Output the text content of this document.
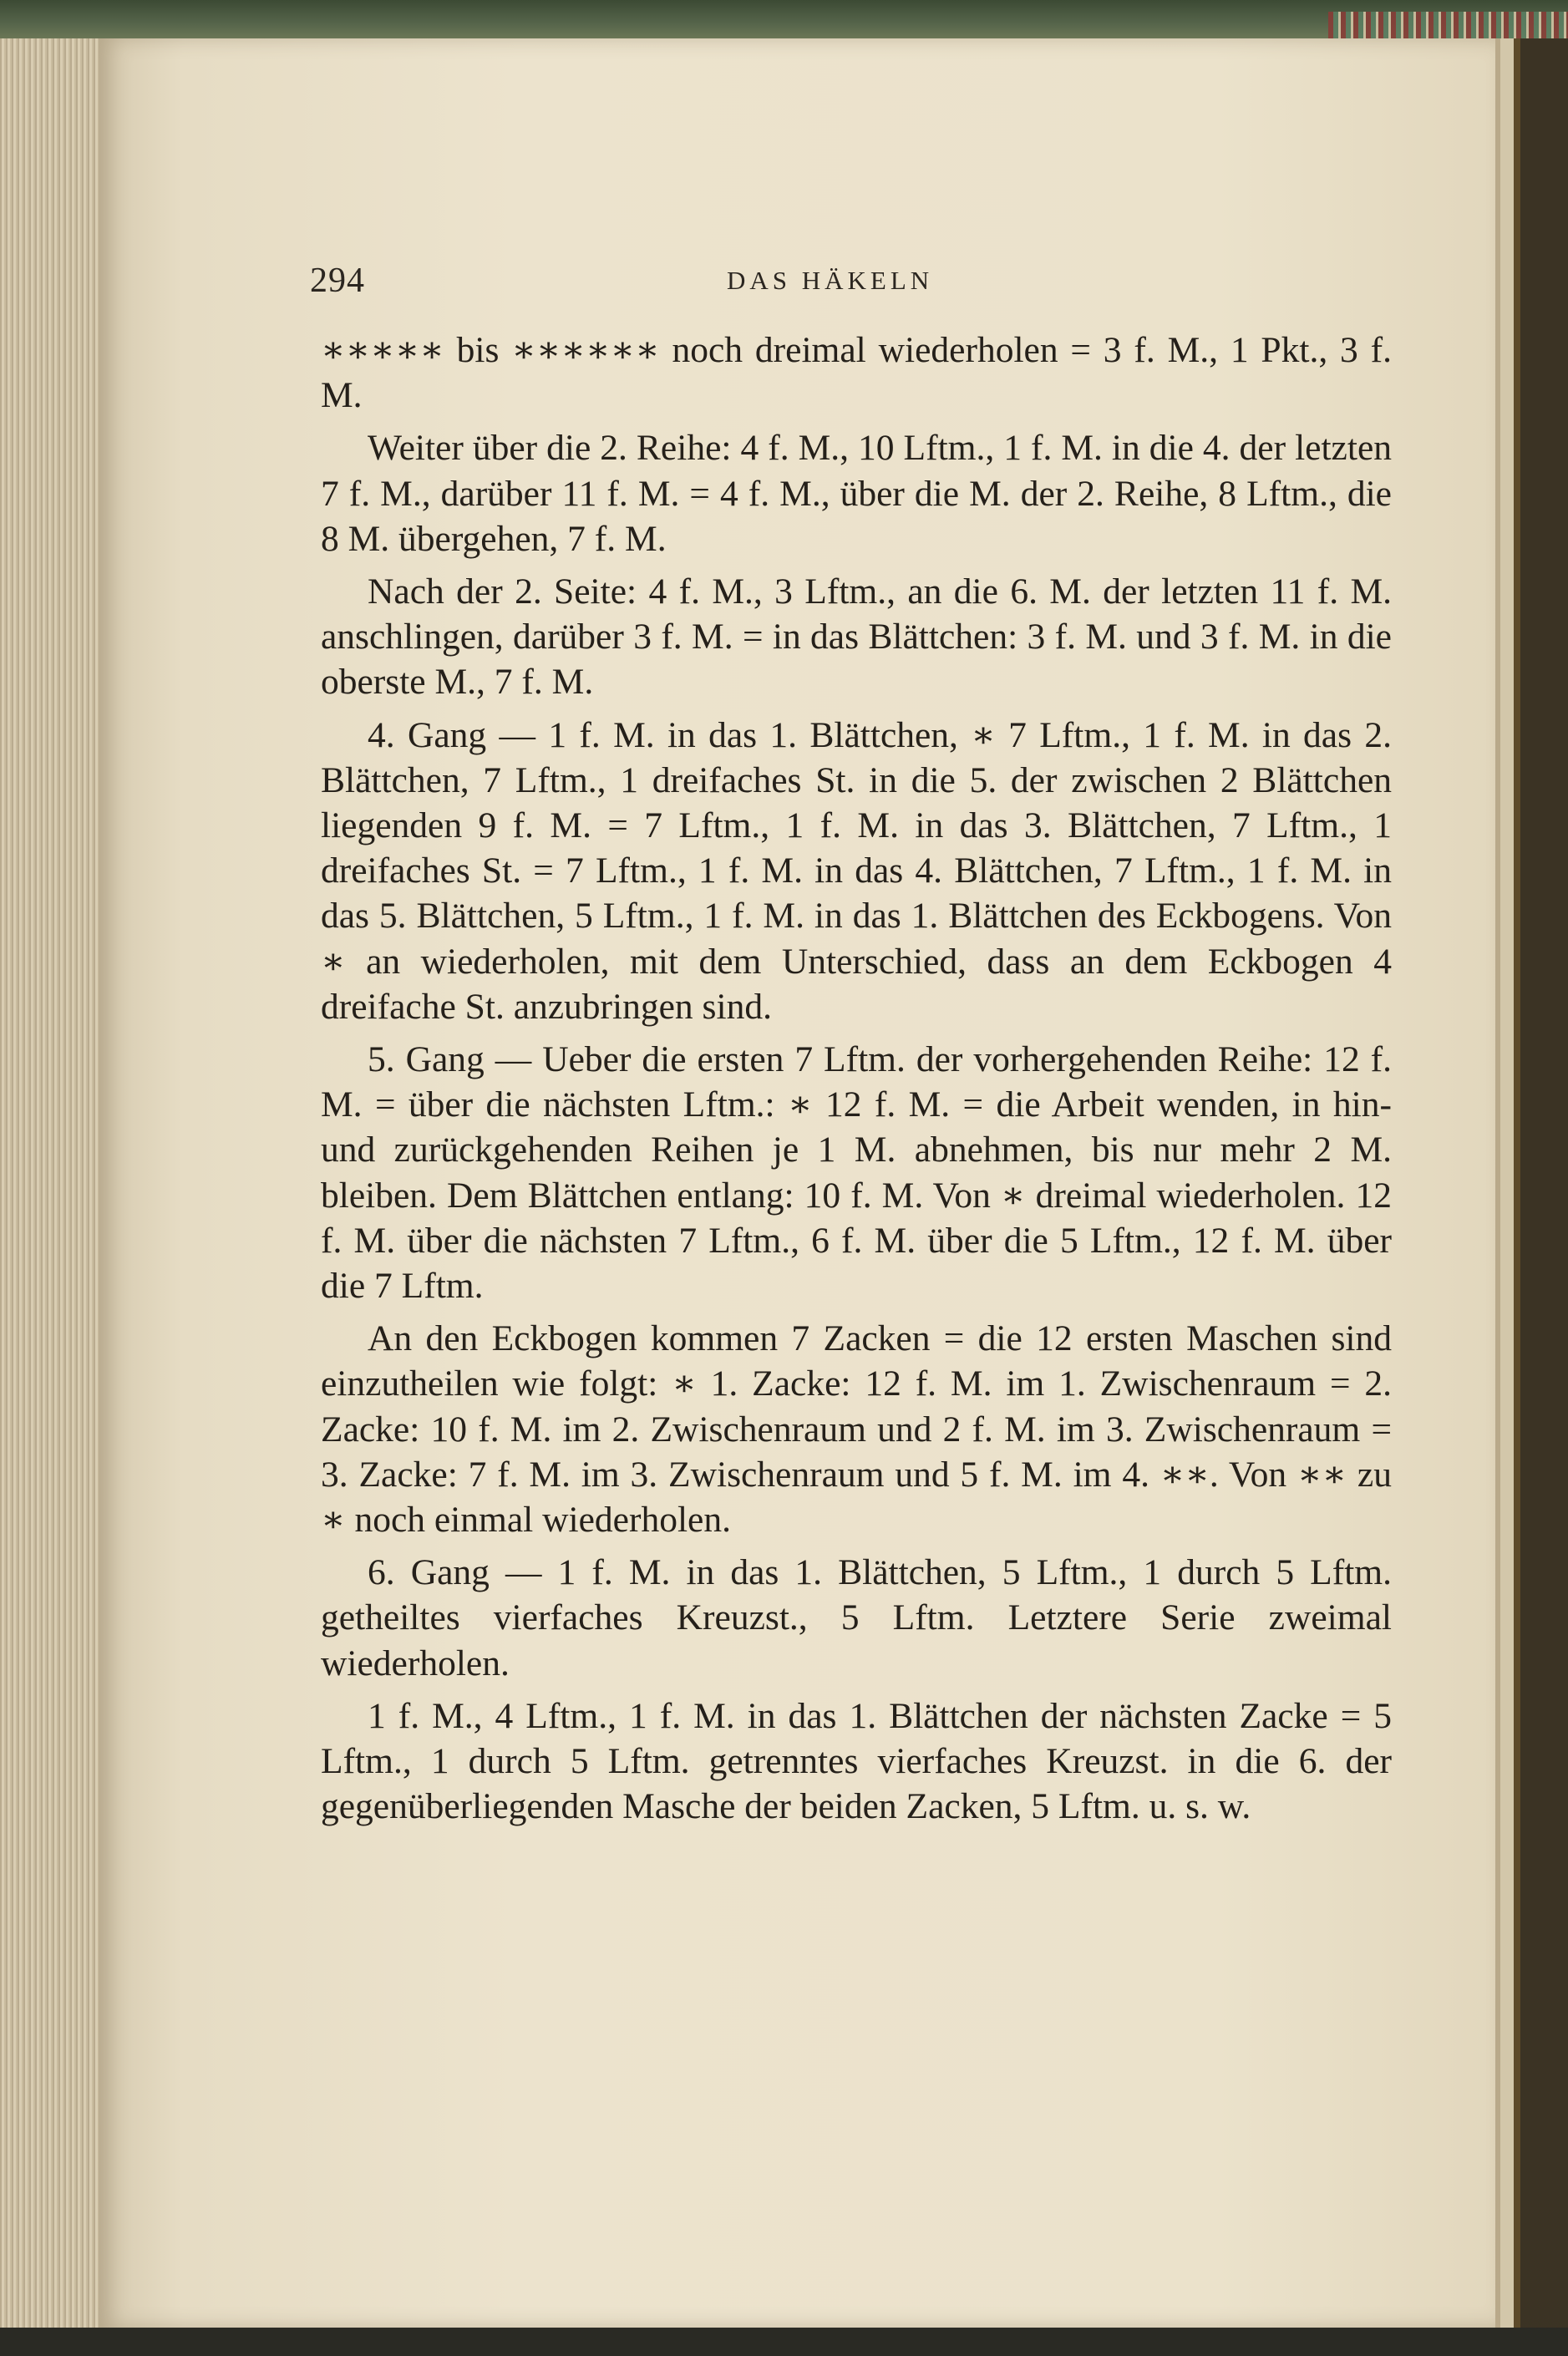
294	DAS HÄKELN

∗∗∗∗∗ bis ∗∗∗∗∗∗ noch dreimal wiederholen = 3 f. M., 1 Pkt., 3 f. M.

Weiter über die 2. Reihe: 4 f. M., 10 Lftm., 1 f. M. in die 4. der letzten 7 f. M., darüber 11 f. M. = 4 f. M., über die M. der 2. Reihe, 8 Lftm., die 8 M. übergehen, 7 f. M.

Nach der 2. Seite: 4 f. M., 3 Lftm., an die 6. M. der letzten 11 f. M. anschlingen, darüber 3 f. M. = in das Blättchen: 3 f. M. und 3 f. M. in die oberste M., 7 f. M.

4. Gang — 1 f. M. in das 1. Blättchen, ∗ 7 Lftm., 1 f. M. in das 2. Blättchen, 7 Lftm., 1 dreifaches St. in die 5. der zwischen 2 Blättchen liegenden 9 f. M. = 7 Lftm., 1 f. M. in das 3. Blättchen, 7 Lftm., 1 dreifaches St. = 7 Lftm., 1 f. M. in das 4. Blättchen, 7 Lftm., 1 f. M. in das 5. Blättchen, 5 Lftm., 1 f. M. in das 1. Blättchen des Eckbogens. Von ∗ an wiederholen, mit dem Unterschied, dass an dem Eckbogen 4 dreifache St. anzubringen sind.

5. Gang — Ueber die ersten 7 Lftm. der vorhergehenden Reihe: 12 f. M. = über die nächsten Lftm.: ∗ 12 f. M. = die Arbeit wenden, in hin- und zurückgehenden Reihen je 1 M. abnehmen, bis nur mehr 2 M. bleiben. Dem Blättchen entlang: 10 f. M. Von ∗ dreimal wiederholen. 12 f. M. über die nächsten 7 Lftm., 6 f. M. über die 5 Lftm., 12 f. M. über die 7 Lftm.

An den Eckbogen kommen 7 Zacken = die 12 ersten Maschen sind einzutheilen wie folgt: ∗ 1. Zacke: 12 f. M. im 1. Zwischenraum = 2. Zacke: 10 f. M. im 2. Zwischenraum und 2 f. M. im 3. Zwischenraum = 3. Zacke: 7 f. M. im 3. Zwischenraum und 5 f. M. im 4. ∗∗. Von ∗∗ zu ∗ noch einmal wiederholen.

6. Gang — 1 f. M. in das 1. Blättchen, 5 Lftm., 1 durch 5 Lftm. getheiltes vierfaches Kreuzst., 5 Lftm. Letztere Serie zweimal wiederholen.

1 f. M., 4 Lftm., 1 f. M. in das 1. Blättchen der nächsten Zacke = 5 Lftm., 1 durch 5 Lftm. getrenntes vierfaches Kreuzst. in die 6. der gegenüberliegenden Masche der beiden Zacken, 5 Lftm. u. s. w.
